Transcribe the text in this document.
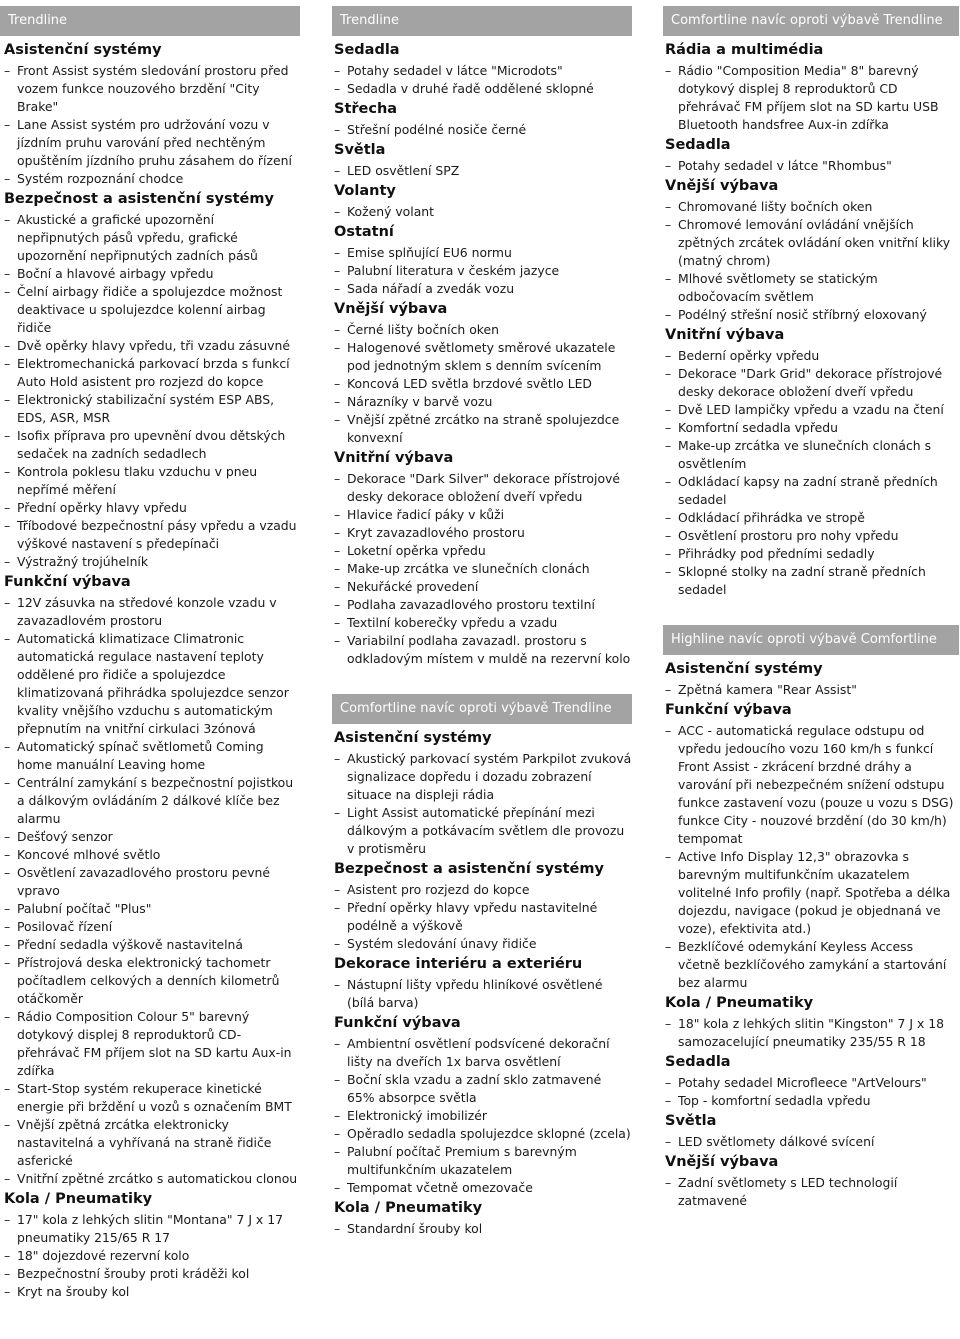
Trendline
Asistenční systémy
– Front Assist systém sledování prostoru před vozem funkce nouzového brzdění "City Brake"
– Lane Assist systém pro udržování vozu v jízdním pruhu varování před nechtěným opuštěním jízdního pruhu zásahem do řízení
– Systém rozpoznání chodce
Bezpečnost a asistenční systémy
– Akustické a grafické upozornění nepřipnutých pásů vpředu, grafické upozornění nepřipnutých zadních pásů
– Boční a hlavové airbagy vpředu
– Čelní airbagy řidiče a spolujezdce možnost deaktivace u spolujezdce kolenní airbag řidiče
– Dvě opěrky hlavy vpředu, tři vzadu zásuvné
– Elektromechanická parkovací brzda s funkcí Auto Hold asistent pro rozjezd do kopce
– Elektronický stabilizační systém ESP ABS, EDS, ASR, MSR
– Isofix příprava pro upevnění dvou dětských sedaček na zadních sedadlech
– Kontrola poklesu tlaku vzduchu v pneu nepřímé měření
– Přední opěrky hlavy vpředu
– Tříbodové bezpečnostní pásy vpředu a vzadu výškové nastavení s předepínači
– Výstražný trojúhelník
Funkční výbava
– 12V zásuvka na středové konzole vzadu v zavazadlovém prostoru
– Automatická klimatizace Climatronic automatická regulace nastavení teploty oddělené pro řidiče a spolujezdce klimatizovaná přihrádka spolujezdce senzor kvality vnějšího vzduchu s automatickým přepnutím na vnitřní cirkulaci 3zónová
– Automatický spínač světlometů Coming home manuální Leaving home
– Centrální zamykání s bezpečnostní pojistkou a dálkovým ovládáním 2 dálkové klíče bez alarmu
– Dešťový senzor
– Koncové mlhové světlo
– Osvětlení zavazadlového prostoru pevné vpravo
– Palubní počítač "Plus"
– Posilovač řízení
– Přední sedadla výškově nastavitelná
– Přístrojová deska elektronický tachometr počítadlem celkových a denních kilometrů otáčkoměr
– Rádio Composition Colour 5" barevný dotykový displej 8 reproduktorů CD-přehrávač FM příjem slot na SD kartu Aux-in zdířka
– Start-Stop systém rekuperace kinetické energie při brždění u vozů s označením BMT
– Vnější zpětná zrcátka elektronicky nastavitelná a vyhřívaná na straně řidiče asferické
– Vnitřní zpětné zrcátko s automatickou clonou
Kola / Pneumatiky
– 17" kola z lehkých slitin "Montana" 7 J x 17 pneumatiky 215/65 R 17
– 18" dojezdové rezervní kolo
– Bezpečnostní šrouby proti kráděži kol
– Kryt na šrouby kol
Trendline
Sedadla
– Potahy sedadel v látce "Microdots"
– Sedadla v druhé řadě oddělené sklopné
Střecha
– Střešní podélné nosiče černé
Světla
– LED osvětlení SPZ
Volanty
– Kožený volant
Ostatní
– Emise splňující EU6 normu
– Palubní literatura v českém jazyce
– Sada nářadí a zvedák vozu
Vnější výbava
– Černé lišty bočních oken
– Halogenové světlomety směrové ukazatele pod jednotným sklem s denním svícením
– Koncová LED světla brzdové světlo LED
– Nárazníky v barvě vozu
– Vnější zpětné zrcátko na straně spolujezdce konvexní
Vnitřní výbava
– Dekorace "Dark Silver" dekorace přístrojové desky dekorace obložení dveří vpředu
– Hlavice řadicí páky v kůži
– Kryt zavazadlového prostoru
– Loketní opěrka vpředu
– Make-up zrcátka ve slunečních clonách
– Nekuřácké provedení
– Podlaha zavazadlového prostoru textilní
– Textilní koberečky vpředu a vzadu
– Variabilní podlaha zavazadl. prostoru s odkladovým místem v muldě na rezervní kolo
Comfortline navíc oproti výbavě Trendline
Asistenční systémy
– Akustický parkovací systém Parkpilot zvuková signalizace dopředu i dozadu zobrazení situace na displeji rádia
– Light Assist automatické přepínání mezi dálkovým a potkávacím světlem dle provozu v protisměru
Bezpečnost a asistenční systémy
– Asistent pro rozjezd do kopce
– Přední opěrky hlavy vpředu nastavitelné podélně a výškově
– Systém sledování únavy řidiče
Dekorace interiéru a exteriéru
– Nástupní lišty vpředu hliníkové osvětlené (bílá barva)
Funkční výbava
– Ambientní osvětlení podsvícené dekorační lišty na dveřích 1x barva osvětlení
– Boční skla vzadu a zadní sklo zatmavené 65% absorpce světla
– Elektronický imobilizér
– Opěradlo sedadla spolujezdce sklopné (zcela)
– Palubní počítač Premium s barevným multifunkčním ukazatelem
– Tempomat včetně omezovače
Kola / Pneumatiky
– Standardní šrouby kol
Comfortline navíc oproti výbavě Trendline
Rádia a multimédia
– Rádio "Composition Media" 8" barevný dotykový displej 8 reproduktorů CD přehrávač FM příjem slot na SD kartu USB Bluetooth handsfree Aux-in zdířka
Sedadla
– Potahy sedadel v látce "Rhombus"
Vnější výbava
– Chromované lišty bočních oken
– Chromové lemování ovládání vnějších zpětných zrcátek ovládání oken vnitřní kliky (matný chrom)
– Mlhové světlomety se statickým odbočovacím světlem
– Podélný střešní nosič stříbrný eloxovaný
Vnitřní výbava
– Bederní opěrky vpředu
– Dekorace "Dark Grid" dekorace přístrojové desky dekorace obložení dveří vpředu
– Dvě LED lampičky vpředu a vzadu na čtení
– Komfortní sedadla vpředu
– Make-up zrcátka ve slunečních clonách s osvětlením
– Odkládací kapsy na zadní straně předních sedadel
– Odkládací přihrádka ve stropě
– Osvětlení prostoru pro nohy vpředu
– Přihrádky pod předními sedadly
– Sklopné stolky na zadní straně předních sedadel
Highline navíc oproti výbavě Comfortline
Asistenční systémy
– Zpětná kamera "Rear Assist"
Funkční výbava
– ACC - automatická regulace odstupu od vpředu jedoucího vozu 160 km/h s funkcí Front Assist - zkrácení brzdné dráhy a varování při nebezpečném snížení odstupu funkce zastavení vozu (pouze u vozu s DSG) funkce City - nouzové brzdění (do 30 km/h) tempomat
– Active Info Display 12,3" obrazovka s barevným multifunkčním ukazatelem volitelné Info profily (např. Spotřeba a délka dojezdu, navigace (pokud je objednaná ve voze), efektivita atd.)
– Bezklíčové odemykání Keyless Access včetně bezklíčového zamykání a startování bez alarmu
Kola / Pneumatiky
– 18" kola z lehkých slitin "Kingston" 7 J x 18 samozacelující pneumatiky 235/55 R 18
Sedadla
– Potahy sedadel Microfleece "ArtVelours"
– Top - komfortní sedadla vpředu
Světla
– LED světlomety dálkové svícení
Vnější výbava
– Zadní světlomety s LED technologií zatmavené
